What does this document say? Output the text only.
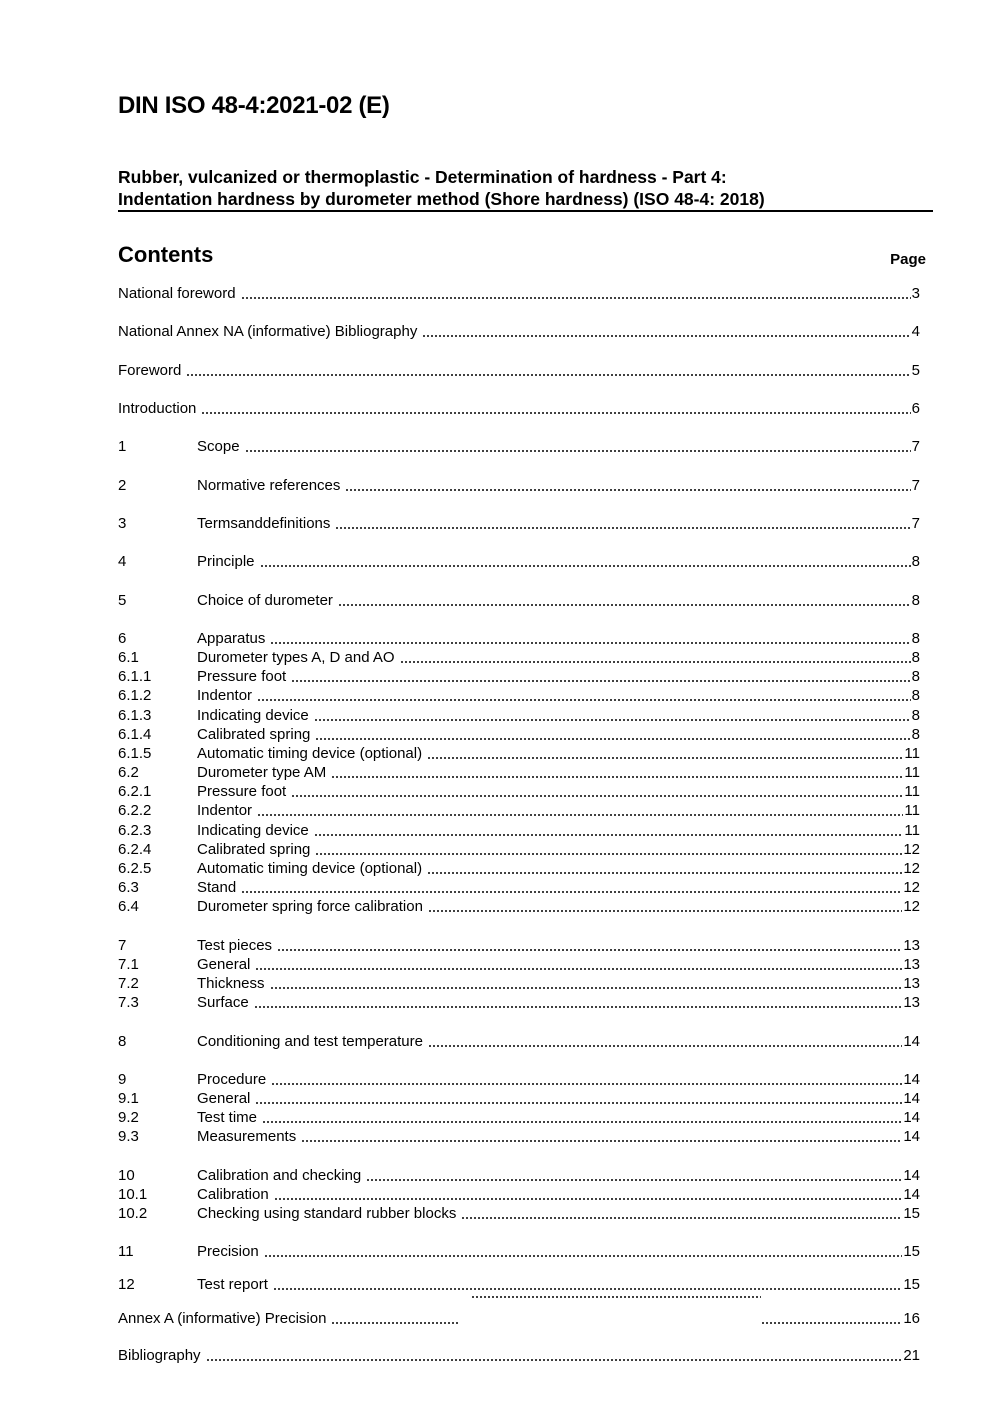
DIN ISO 48-4:2021-02 (E)
Rubber, vulcanized or thermoplastic - Determination of hardness - Part 4:
Indentation hardness by durometer method (Shore hardness) (ISO 48-4: 2018)
Contents	Page
National foreword	3
National Annex NA (informative) Bibliography	4
Foreword	5
Introduction	6
1	Scope	7
2	Normative references	7
3	Termsanddefinitions	7
4	Principle	8
5	Choice of durometer	8
6	Apparatus	8
6.1	Durometer types A, D and AO	8
6.1.1	Pressure foot	8
6.1.2	Indentor	8
6.1.3	Indicating device	8
6.1.4	Calibrated spring	8
6.1.5	Automatic timing device (optional)	11
6.2	Durometer type AM	11
6.2.1	Pressure foot	11
6.2.2	Indentor	11
6.2.3	Indicating device	11
6.2.4	Calibrated spring	12
6.2.5	Automatic timing device (optional)	12
6.3	Stand	12
6.4	Durometer spring force calibration	12
7	Test pieces	13
7.1	General	13
7.2	Thickness	13
7.3	Surface	13
8	Conditioning and test temperature	14
9	Procedure	14
9.1	General	14
9.2	Test time	14
9.3	Measurements	14
10	Calibration and checking	14
10.1	Calibration	14
10.2	Checking using standard rubber blocks	15
11	Precision	15
12	Test report	15
Annex A (informative) Precision	16
Bibliography	21
